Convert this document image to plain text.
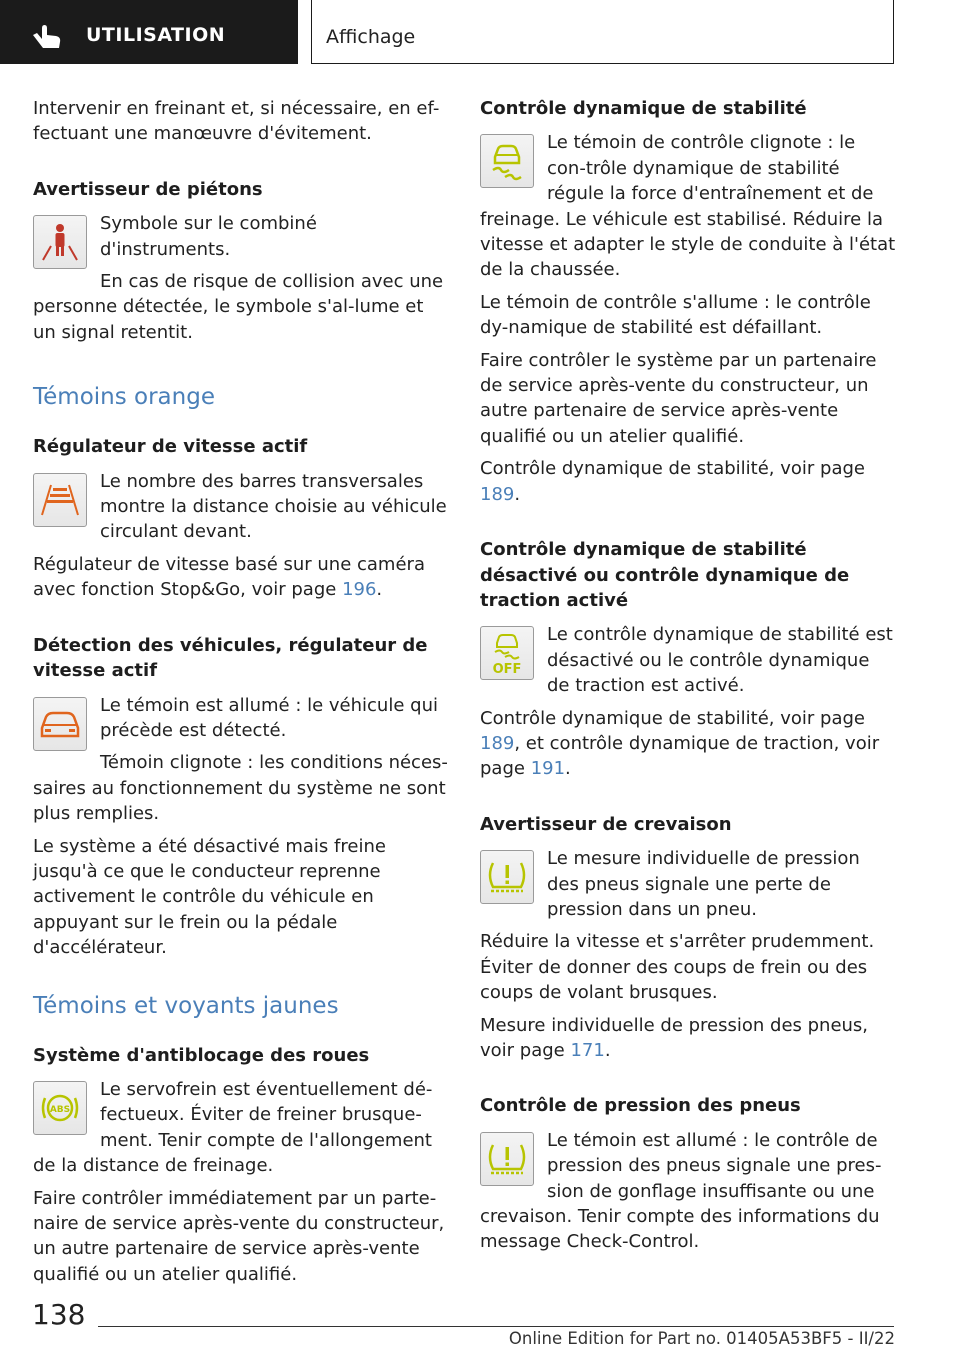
UTILISATION	Affichage

Intervenir en freinant et, si nécessaire, en ef-fectuant une manœuvre d'évitement.

Avertisseur de piétons

Symbole sur le combiné d'instruments.

En cas de risque de collision avec une personne détectée, le symbole s'al-lume et un signal retentit.

Témoins orange
Régulateur de vitesse actif

Le nombre des barres transversales montre la distance choisie au véhicule circulant devant.

Régulateur de vitesse basé sur une caméra avec fonction Stop&Go, voir page 196.

Détection des véhicules, régulateur de vitesse actif

Le témoin est allumé : le véhicule qui précède est détecté.

Témoin clignote : les conditions néces-saires au fonctionnement du système ne sont plus remplies.

Le système a été désactivé mais freine jusqu'à ce que le conducteur reprenne activement le contrôle du véhicule en appuyant sur le frein ou la pédale d'accélérateur.

Témoins et voyants jaunes
Système d'antiblocage des roues
ABS

Le servofrein est éventuellement dé-fectueux. Éviter de freiner brusque-ment. Tenir compte de l'allongement de la distance de freinage.

Faire contrôler immédiatement par un parte-naire de service après-vente du constructeur, un autre partenaire de service après-vente qualifié ou un atelier qualifié.

Contrôle dynamique de stabilité

Le témoin de contrôle clignote : le con-trôle dynamique de stabilité régule la force d'entraînement et de freinage. Le véhicule est stabilisé. Réduire la vitesse et adapter le style de conduite à l'état de la chaussée.

Le témoin de contrôle s'allume : le contrôle dy-namique de stabilité est défaillant.

Faire contrôler le système par un partenaire de service après-vente du constructeur, un autre partenaire de service après-vente qualifié ou un atelier qualifié.

Contrôle dynamique de stabilité, voir page 189.

Contrôle dynamique de stabilité désactivé ou contrôle dynamique de traction activé
OFF

Le contrôle dynamique de stabilité est désactivé ou le contrôle dynamique de traction est activé.

Contrôle dynamique de stabilité, voir page 189, et contrôle dynamique de traction, voir page 191.

Avertisseur de crevaison

Le mesure individuelle de pression des pneus signale une perte de pression dans un pneu.

Réduire la vitesse et s'arrêter prudemment. Éviter de donner des coups de frein ou des coups de volant brusques.

Mesure individuelle de pression des pneus, voir page 171.

Contrôle de pression des pneus

Le témoin est allumé : le contrôle de pression des pneus signale une pres-sion de gonflage insuffisante ou une crevaison. Tenir compte des informations du message Check-Control.

138
Online Edition for Part no. 01405A53BF5 - II/22
